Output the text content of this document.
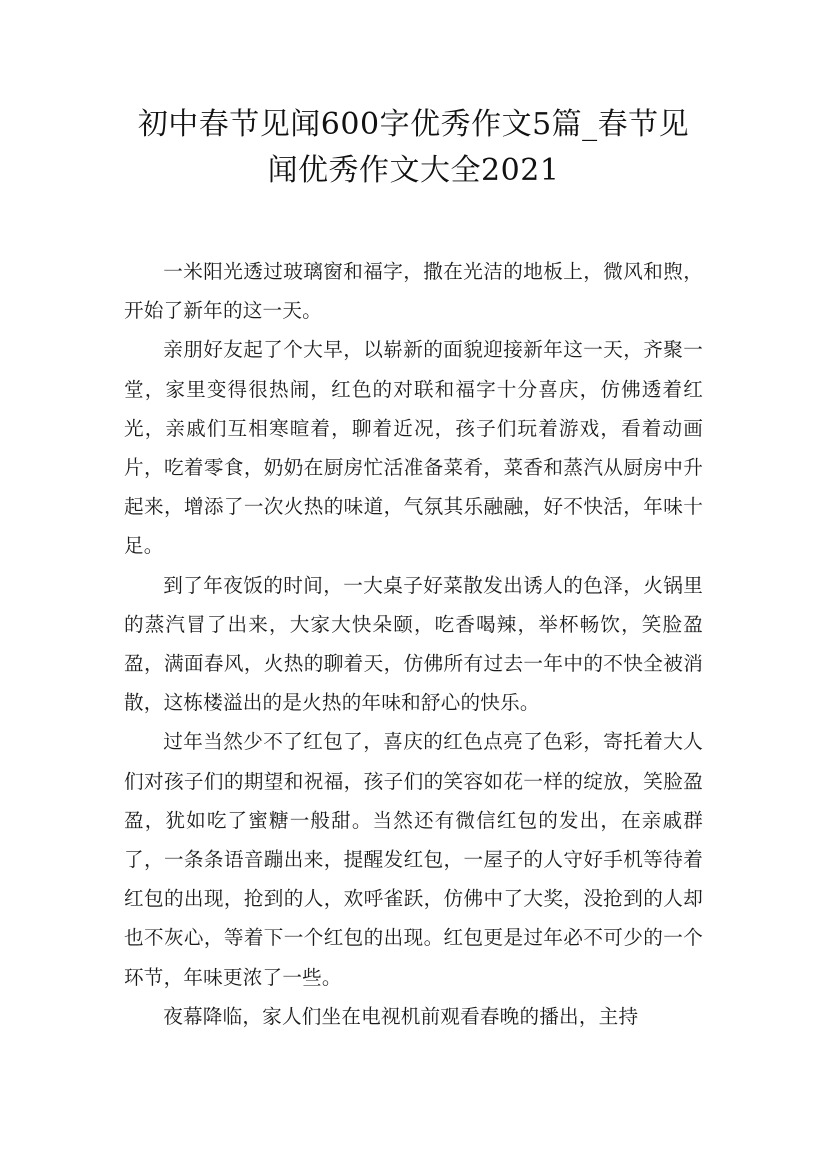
初中春节见闻600字优秀作文5篇_春节见
闻优秀作文大全2021

一米阳光透过玻璃窗和福字，撒在光洁的地板上，微风和煦，开始了新年的这一天。

亲朋好友起了个大早，以崭新的面貌迎接新年这一天，齐聚一堂，家里变得很热闹，红色的对联和福字十分喜庆，仿佛透着红光，亲戚们互相寒暄着，聊着近况，孩子们玩着游戏，看着动画片，吃着零食，奶奶在厨房忙活准备菜肴，菜香和蒸汽从厨房中升起来，增添了一次火热的味道，气氛其乐融融，好不快活，年味十足。

到了年夜饭的时间，一大桌子好菜散发出诱人的色泽，火锅里的蒸汽冒了出来，大家大快朵颐，吃香喝辣，举杯畅饮，笑脸盈盈，满面春风，火热的聊着天，仿佛所有过去一年中的不快全被消散，这栋楼溢出的是火热的年味和舒心的快乐。

过年当然少不了红包了，喜庆的红色点亮了色彩，寄托着大人们对孩子们的期望和祝福，孩子们的笑容如花一样的绽放，笑脸盈盈，犹如吃了蜜糖一般甜。当然还有微信红包的发出，在亲戚群了，一条条语音蹦出来，提醒发红包，一屋子的人守好手机等待着红包的出现，抢到的人，欢呼雀跃，仿佛中了大奖，没抢到的人却也不灰心，等着下一个红包的出现。红包更是过年必不可少的一个环节，年味更浓了一些。

夜幕降临，家人们坐在电视机前观看春晚的播出，主持
